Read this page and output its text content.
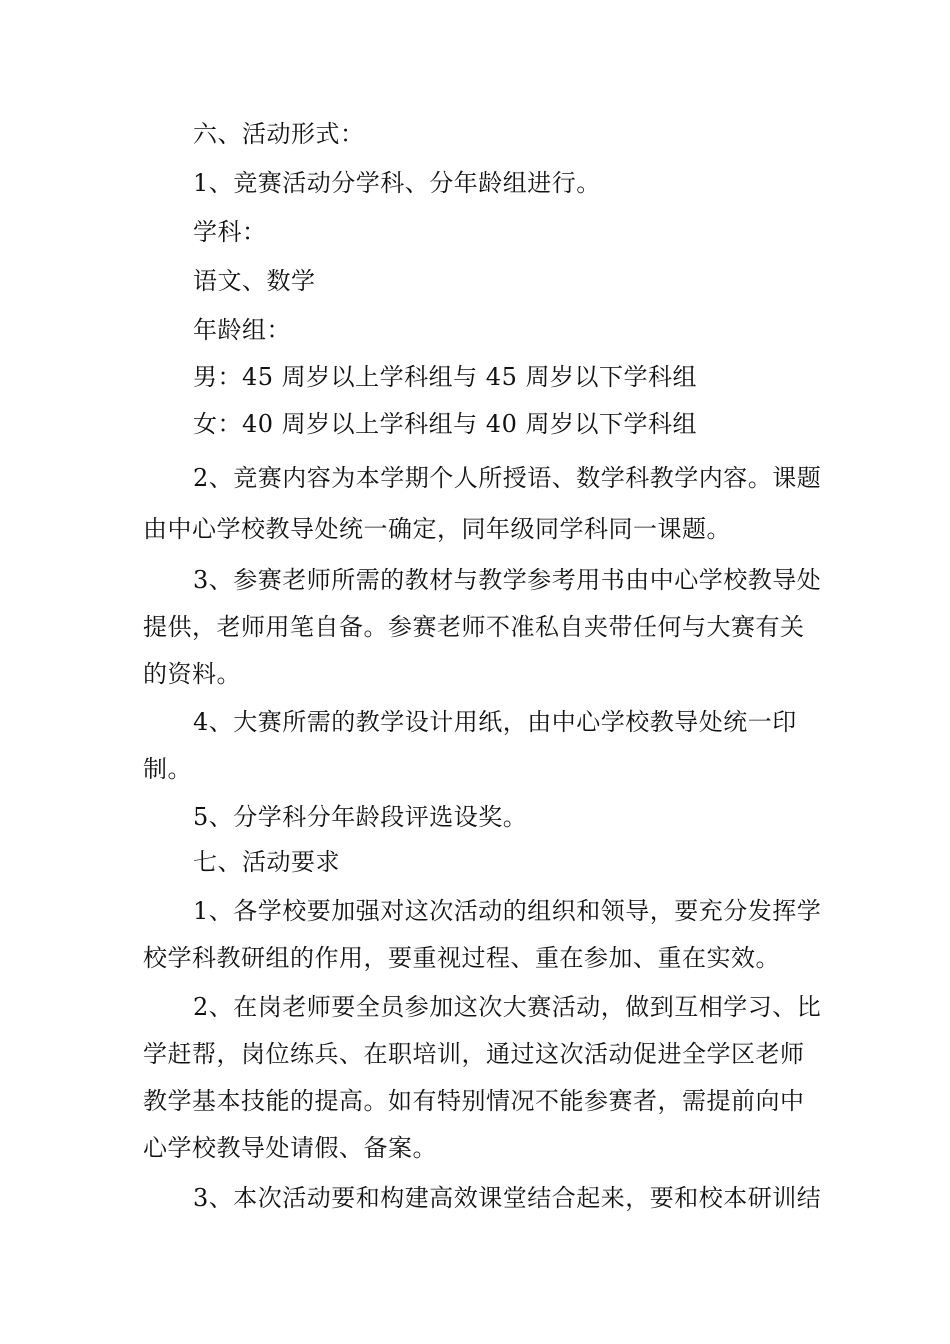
六、活动形式：
1、竞赛活动分学科、分年龄组进行。
学科：
语文、数学
年龄组：
男：45 周岁以上学科组与 45 周岁以下学科组
女：40 周岁以上学科组与 40 周岁以下学科组
2、竞赛内容为本学期个人所授语、数学科教学内容。课题
由中心学校教导处统一确定，同年级同学科同一课题。
3、参赛老师所需的教材与教学参考用书由中心学校教导处
提供，老师用笔自备。参赛老师不准私自夹带任何与大赛有关
的资料。
4、大赛所需的教学设计用纸，由中心学校教导处统一印
制。
5、分学科分年龄段评选设奖。
七、活动要求
1、各学校要加强对这次活动的组织和领导，要充分发挥学
校学科教研组的作用，要重视过程、重在参加、重在实效。
2、在岗老师要全员参加这次大赛活动，做到互相学习、比
学赶帮，岗位练兵、在职培训，通过这次活动促进全学区老师
教学基本技能的提高。如有特别情况不能参赛者，需提前向中
心学校教导处请假、备案。
3、本次活动要和构建高效课堂结合起来，要和校本研训结
